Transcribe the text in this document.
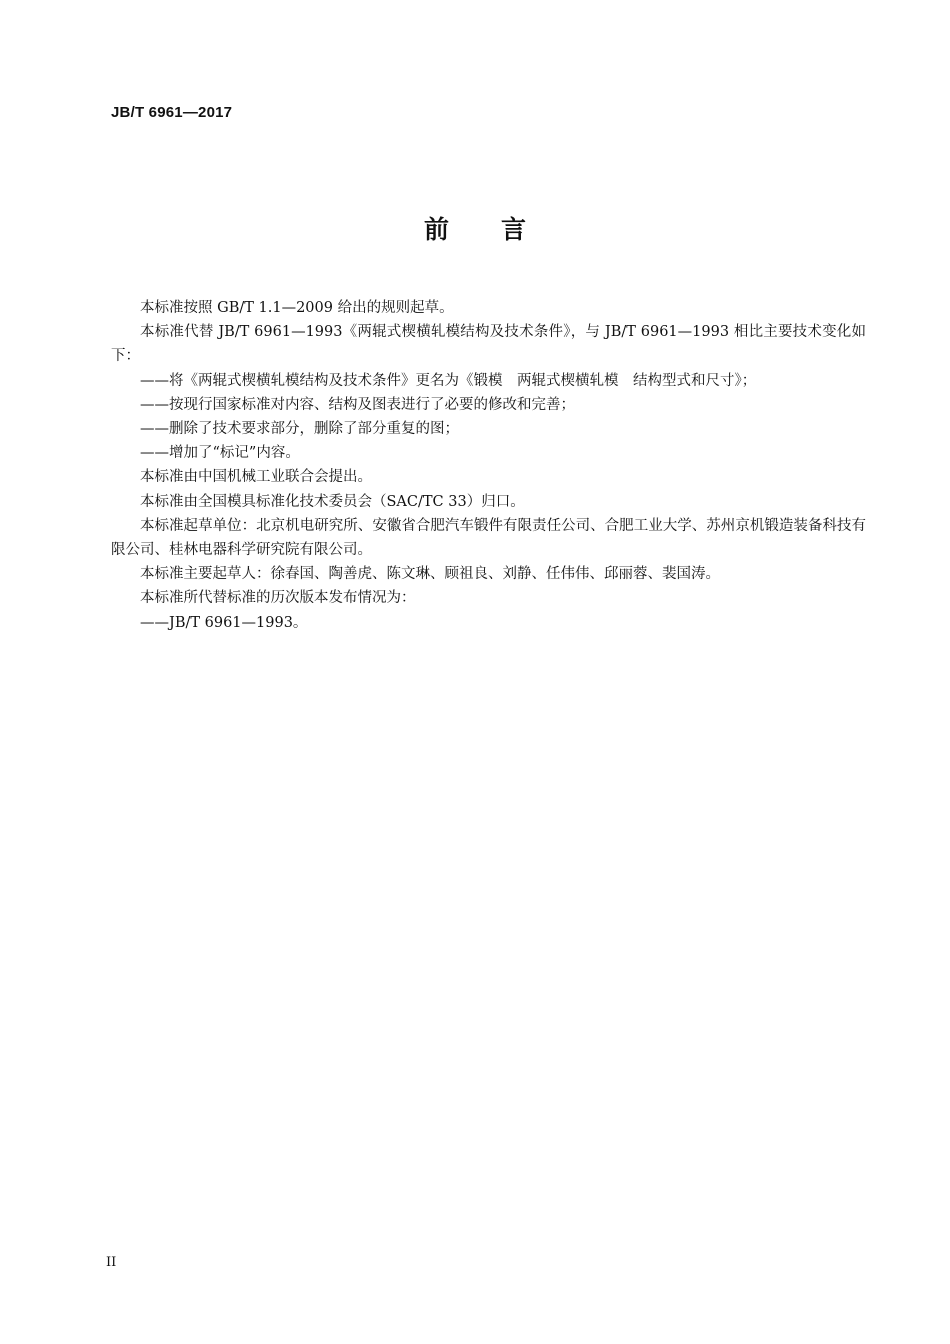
JB/T 6961—2017
前 言

本标准按照 GB/T 1.1—2009 给出的规则起草。

本标准代替 JB/T 6961—1993《两辊式楔横轧模结构及技术条件》，与 JB/T 6961—1993 相比主要技术变化如下：

——将《两辊式楔横轧模结构及技术条件》更名为《锻模　两辊式楔横轧模　结构型式和尺寸》；

——按现行国家标准对内容、结构及图表进行了必要的修改和完善；

——删除了技术要求部分，删除了部分重复的图；

——增加了“标记”内容。

本标准由中国机械工业联合会提出。

本标准由全国模具标准化技术委员会（SAC/TC 33）归口。

本标准起草单位：北京机电研究所、安徽省合肥汽车锻件有限责任公司、合肥工业大学、苏州京机锻造装备科技有限公司、桂林电器科学研究院有限公司。

本标准主要起草人：徐春国、陶善虎、陈文琳、顾祖良、刘静、任伟伟、邱丽蓉、裴国涛。

本标准所代替标准的历次版本发布情况为：

——JB/T 6961—1993。

II
